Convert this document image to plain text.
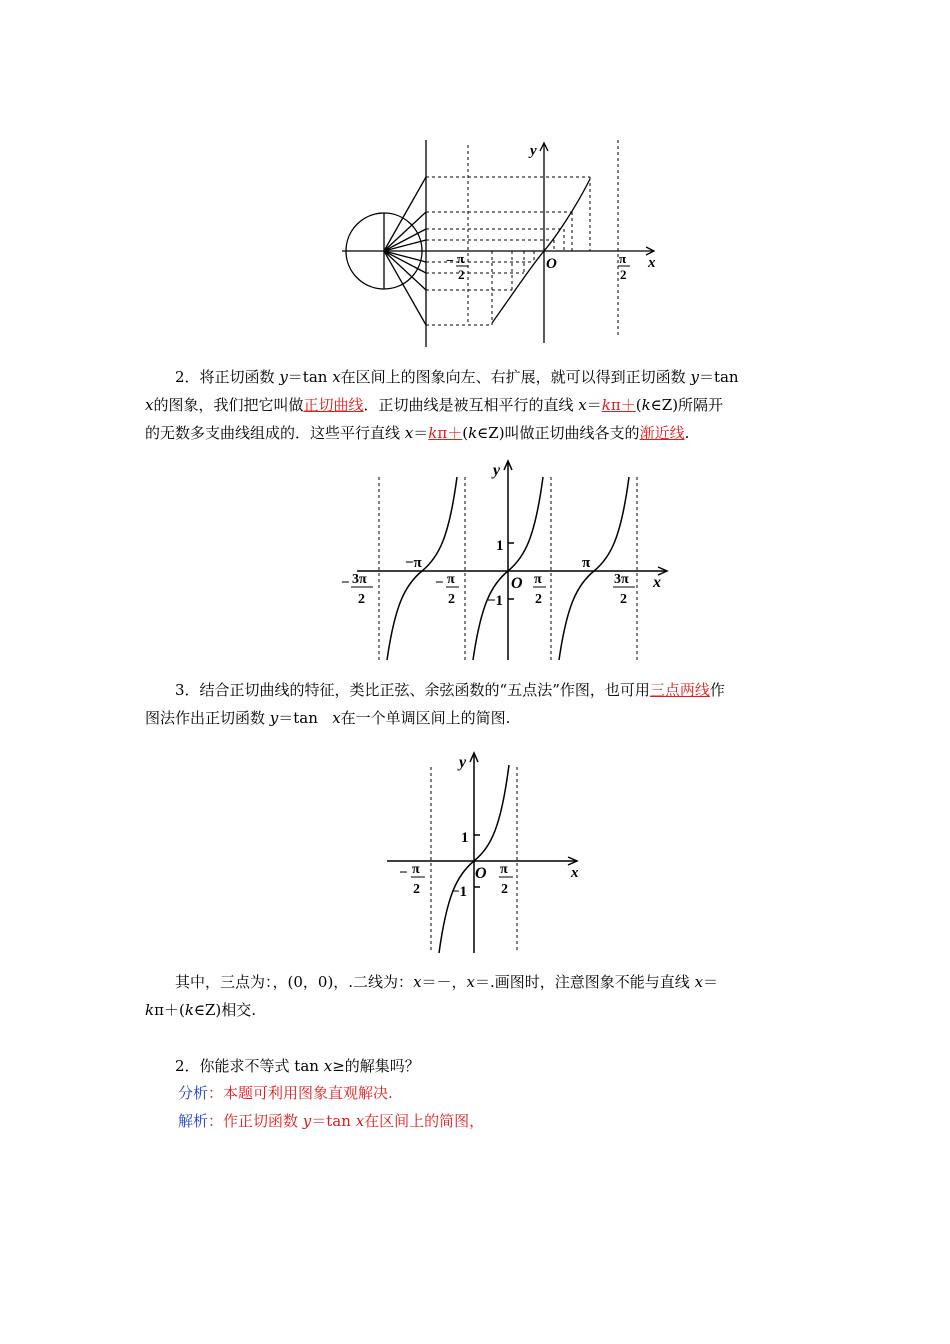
y
x
O
− π
2
π
2
2．将正切函数 y＝tan x在区间上的图象向左、右扩展，就可以得到正切函数 y＝tan
x的图象，我们把它叫做正切曲线．正切曲线是被互相平行的直线 x＝kπ＋(k∈Z)所隔开
的无数多支曲线组成的．这些平行直线 x＝kπ＋(k∈Z)叫做正切曲线各支的渐近线.
y
x
O
1
−1
−π	π
− 3π
2
− π
2
π
2
3π
2
3．结合正切曲线的特征，类比正弦、余弦函数的“五点法”作图，也可用三点两线作
图法作出正切函数 y＝tan   x在一个单调区间上的简图.
y
x
O
1
−1
− π
2
π
2
其中，三点为：，(0，0)，.二线为：x＝－，x＝.画图时，注意图象不能与直线 x＝
kπ＋(k∈Z)相交.
2．你能求不等式 tan x≥的解集吗？
分析：本题可利用图象直观解决.
解析：作正切函数 y＝tan x在区间上的简图，
